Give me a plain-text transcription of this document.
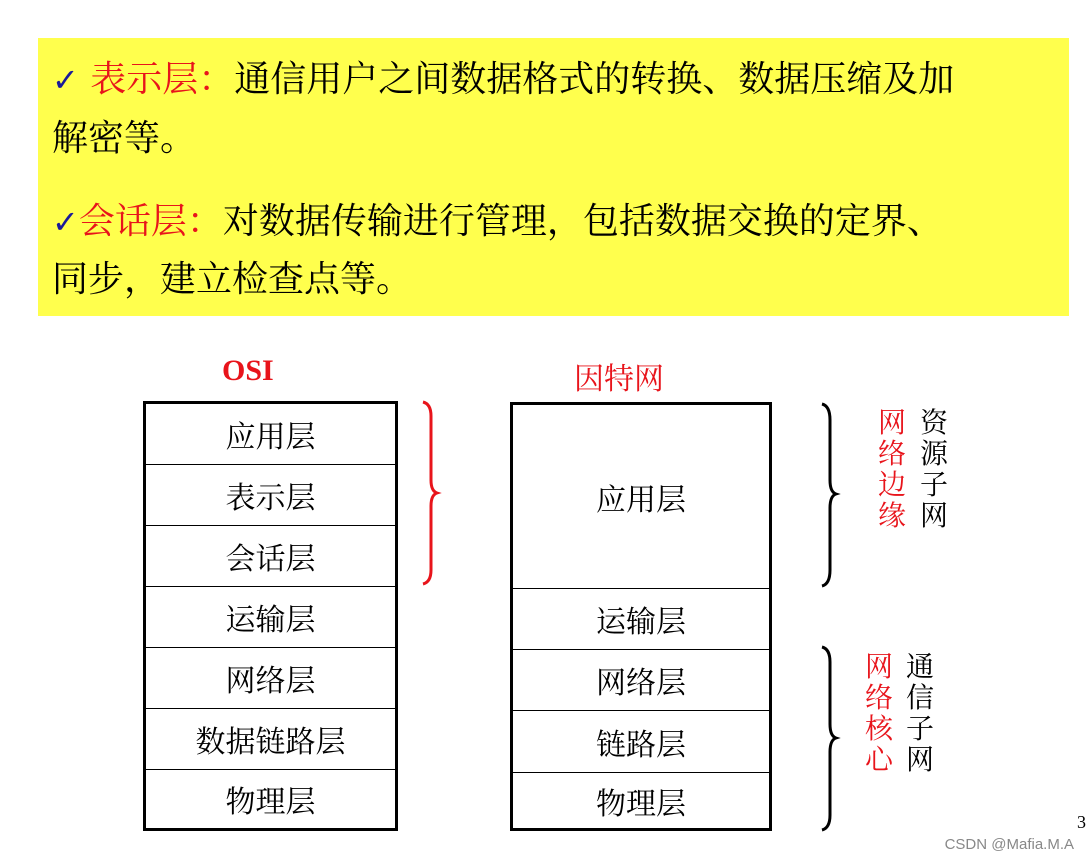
✓ 表示层：通信用户之间数据格式的转换、数据压缩及加
解密等。
✓会话层：对数据传输进行管理，包括数据交换的定界、
同步，建立检查点等。
OSI	因特网
应用层
表示层
会话层
运输层
网络层
数据链路层
物理层
应用层
运输层
网络层
链路层
物理层
网络边缘
资源子网
网络核心
通信子网
3
CSDN @Mafia.M.A
